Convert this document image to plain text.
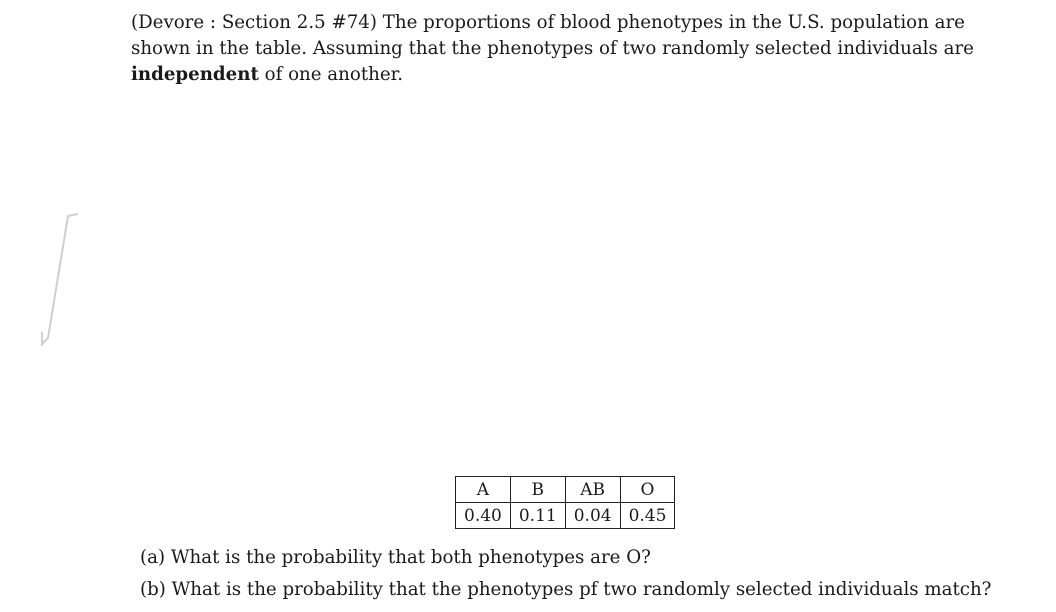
(Devore : Section 2.5 #74) The proportions of blood phenotypes in the U.S. population are shown in the table. Assuming that the phenotypes of two randomly selected individuals are independent of one another.

A	B	AB	O
0.40	0.11	0.04	0.45

(a) What is the probability that both phenotypes are O?

(b) What is the probability that the phenotypes pf two randomly selected individuals match?
